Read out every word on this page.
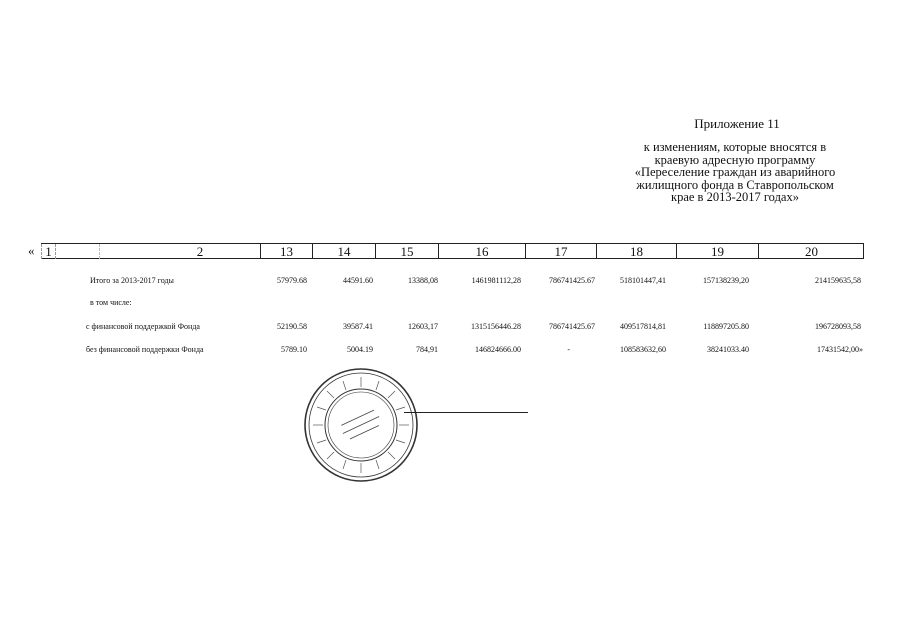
Приложение 11
к изменениям, которые вносятся в
краевую адресную программу
«Переселение граждан из аварийного
жилищного фонда в Ставропольском
крае в 2013-2017 годах»
« 1	2	13	14	15	16	17	18	19	20
Итого за 2013-2017 годы	57979.68	44591.60	13388,08	1461981112,28	786741425.67	518101447,41	157138239,20	214159635,58
в том числе:
с финансовой поддержкой Фонда	52190.58	39587.41	12603,17	1315156446.28	786741425.67	409517814,81	118897205.80	196728093,58
без финансовой поддержки Фонда	5789.10	5004.19	784,91	146824666.00	-	108583632,60	38241033.40	17431542,00»
